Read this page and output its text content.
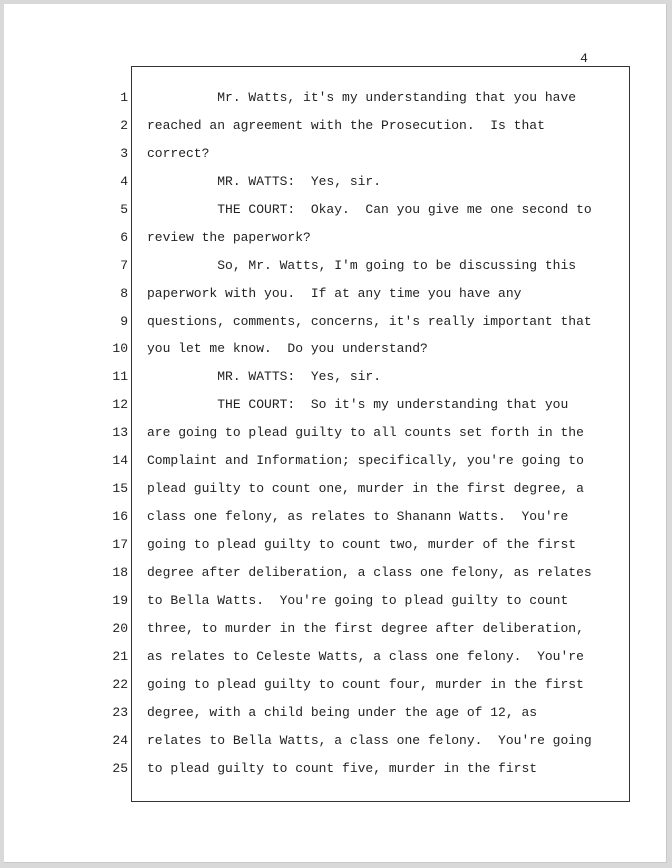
4
1
2
3
4
5
6
7
8
9
10
11
12
13
14
15
16
17
18
19
20
21
22
23
24
25
Mr. Watts, it's my understanding that you have
reached an agreement with the Prosecution.  Is that
correct?
MR. WATTS:  Yes, sir.
THE COURT:  Okay.  Can you give me one second to
review the paperwork?
So, Mr. Watts, I'm going to be discussing this
paperwork with you.  If at any time you have any
questions, comments, concerns, it's really important that
you let me know.  Do you understand?
MR. WATTS:  Yes, sir.
THE COURT:  So it's my understanding that you
are going to plead guilty to all counts set forth in the
Complaint and Information; specifically, you're going to
plead guilty to count one, murder in the first degree, a
class one felony, as relates to Shanann Watts.  You're
going to plead guilty to count two, murder of the first
degree after deliberation, a class one felony, as relates
to Bella Watts.  You're going to plead guilty to count
three, to murder in the first degree after deliberation,
as relates to Celeste Watts, a class one felony.  You're
going to plead guilty to count four, murder in the first
degree, with a child being under the age of 12, as
relates to Bella Watts, a class one felony.  You're going
to plead guilty to count five, murder in the first
